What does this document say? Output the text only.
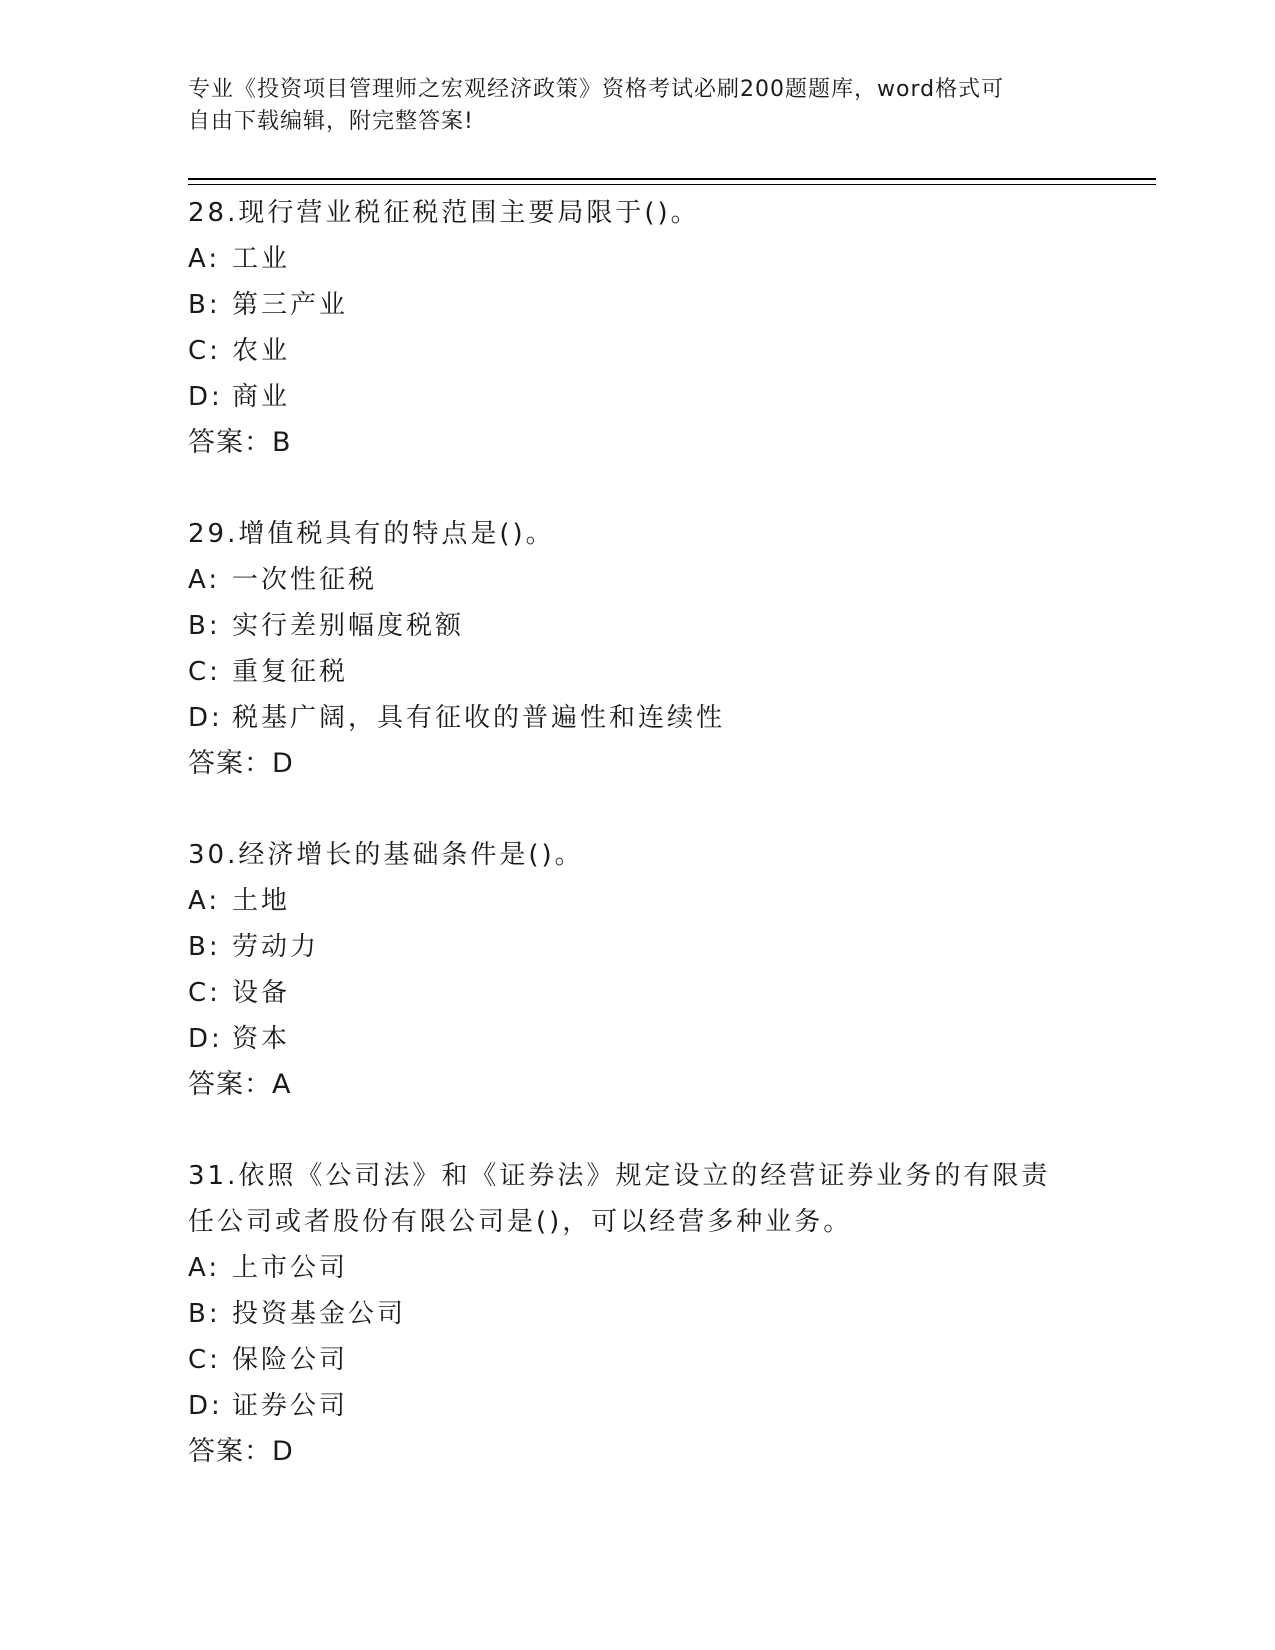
专业《投资项目管理师之宏观经济政策》资格考试必刷200题题库，word格式可
自由下载编辑，附完整答案!
28.现行营业税征税范围主要局限于()。
A: 工业
B: 第三产业
C: 农业
D: 商业
答案：B
29.增值税具有的特点是()。
A: 一次性征税
B: 实行差别幅度税额
C: 重复征税
D: 税基广阔，具有征收的普遍性和连续性
答案：D
30.经济增长的基础条件是()。
A: 土地
B: 劳动力
C: 设备
D: 资本
答案：A
31.依照《公司法》和《证券法》规定设立的经营证券业务的有限责任公司或者股份有限公司是()，可以经营多种业务。
A: 上市公司
B: 投资基金公司
C: 保险公司
D: 证券公司
答案：D
